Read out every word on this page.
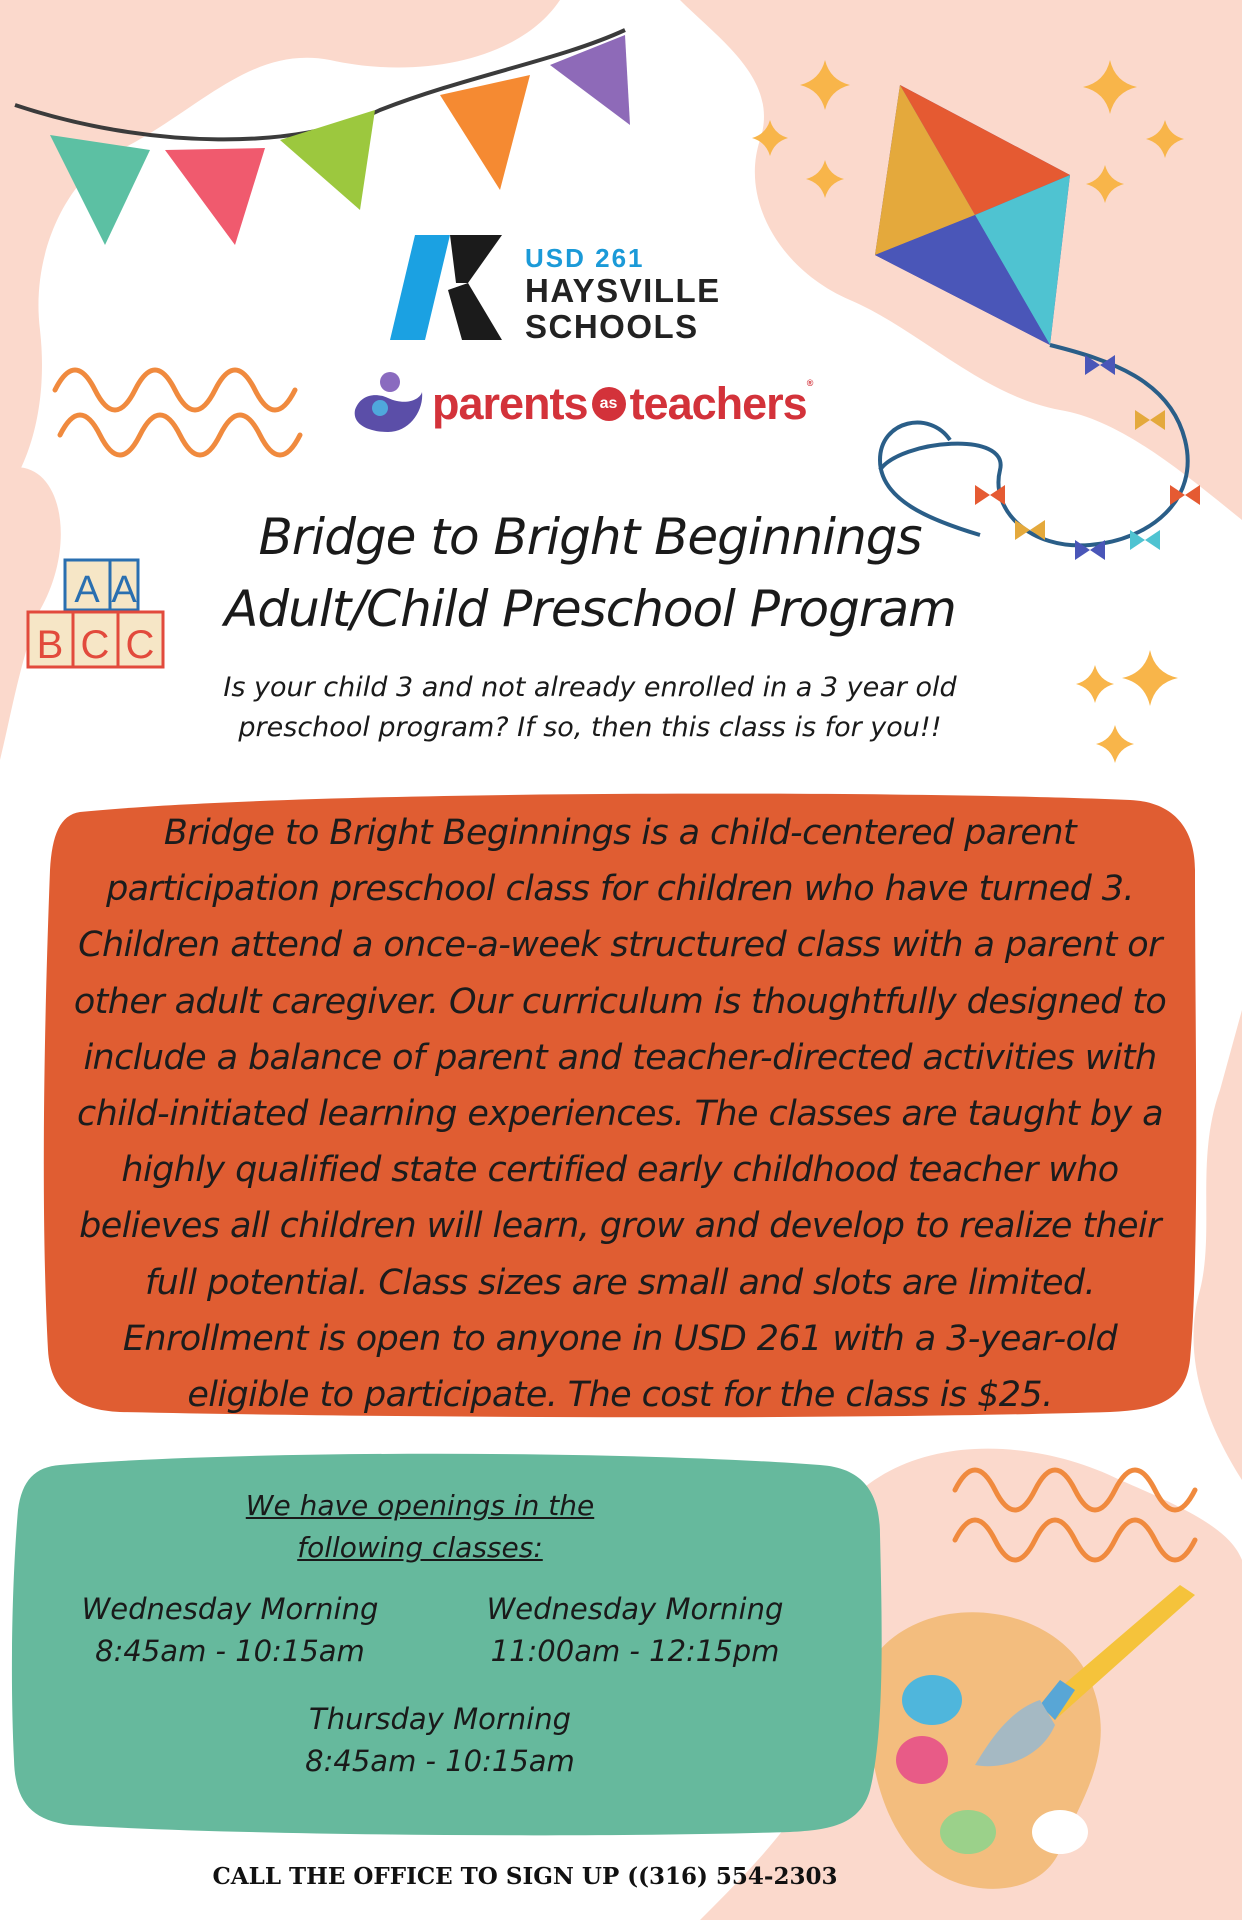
A A
B C C
USD 261
HAYSVILLE
SCHOOLS
parents as teachers®
Bridge to Bright Beginnings
Adult/Child Preschool Program
Is your child 3 and not already enrolled in a 3 year old
preschool program? If so, then this class is for you!!
Bridge to Bright Beginnings is a child-centered parent
participation preschool class for children who have turned 3.
Children attend a once-a-week structured class with a parent or
other adult caregiver. Our curriculum is thoughtfully designed to
include a balance of parent and teacher-directed activities with
child-initiated learning experiences. The classes are taught by a
highly qualified state certified early childhood teacher who
believes all children will learn, grow and develop to realize their
full potential. Class sizes are small and slots are limited.
Enrollment is open to anyone in USD 261 with a 3-year-old
eligible to participate. The cost for the class is $25.
We have openings in the
following classes:
Wednesday Morning
8:45am - 10:15am
Wednesday Morning
11:00am - 12:15pm
Thursday Morning
8:45am - 10:15am
CALL THE OFFICE TO SIGN UP ((316) 554-2303
